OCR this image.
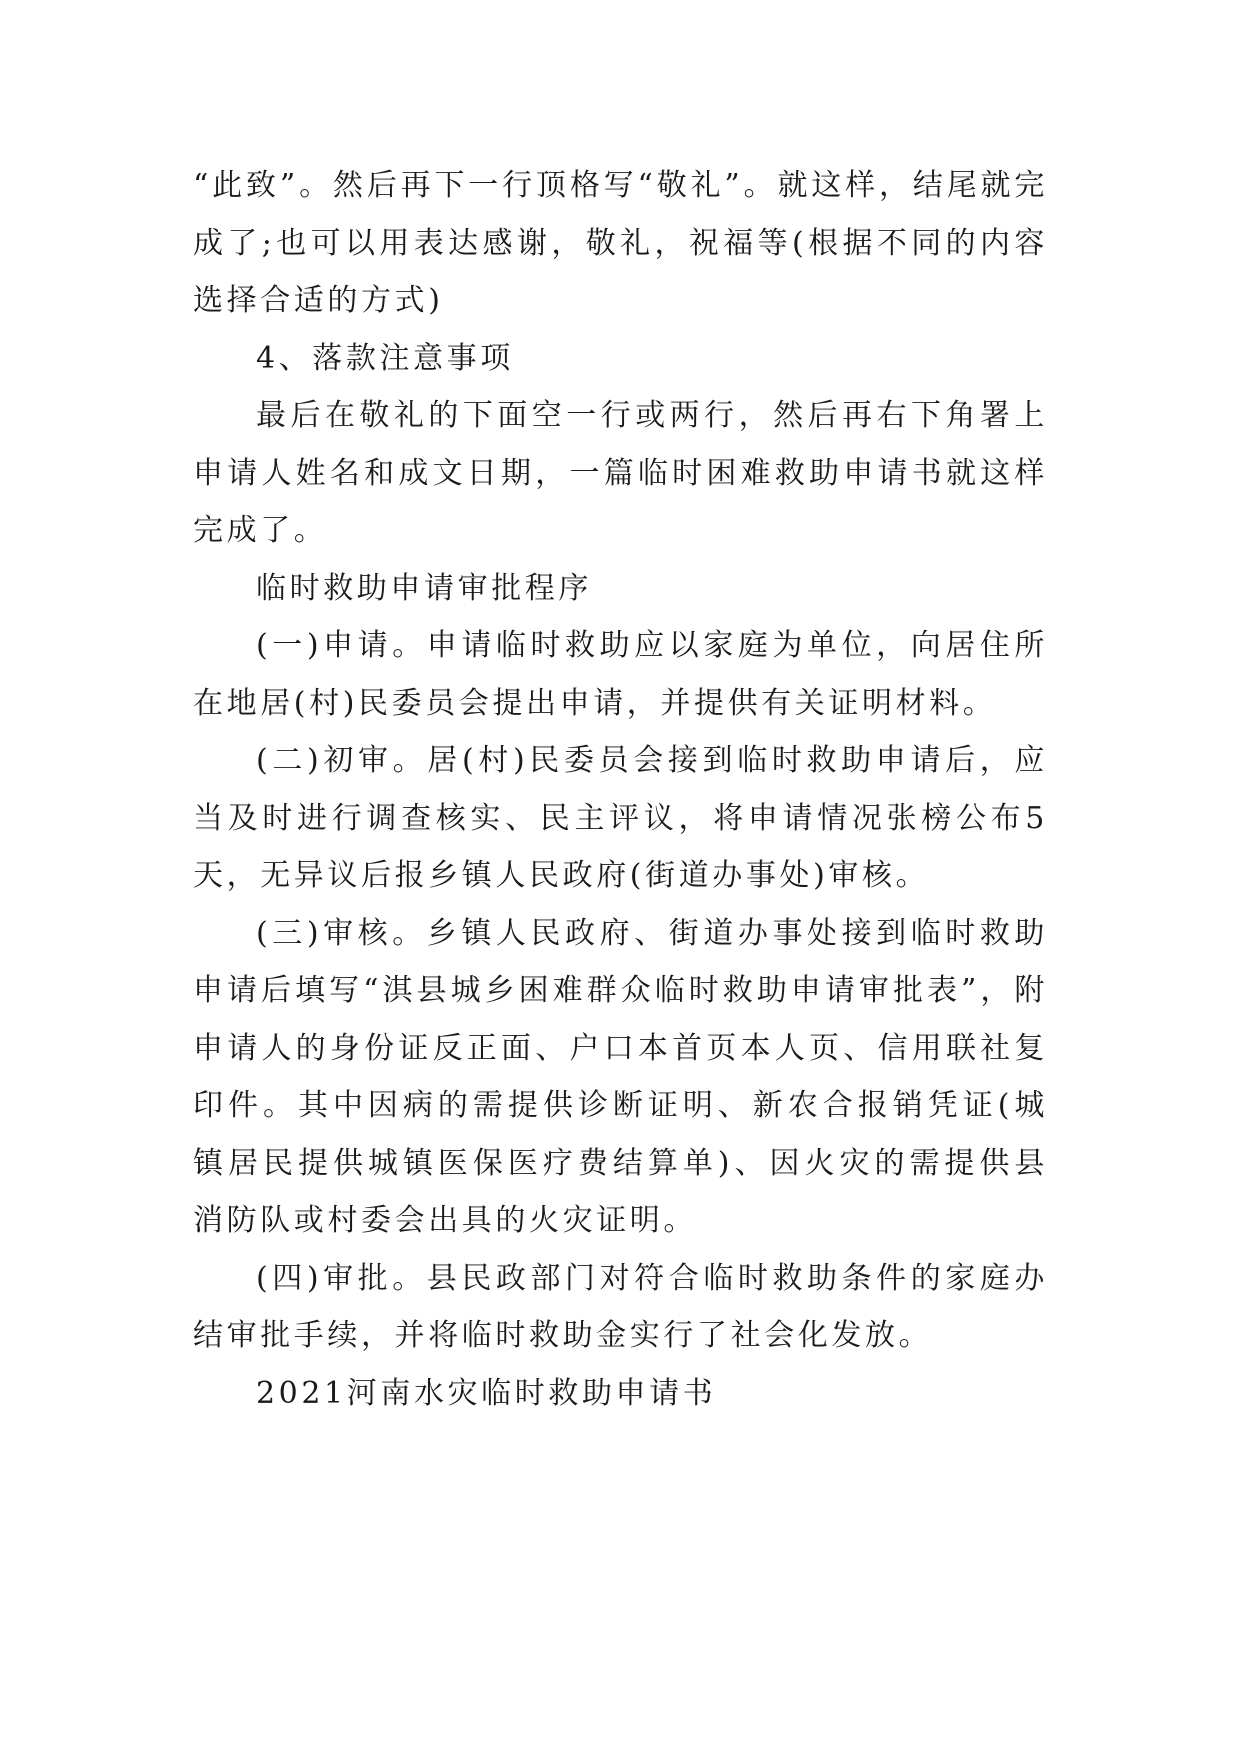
“此致”。然后再下一行顶格写“敬礼”。就这样，结尾就完成了;也可以用表达感谢，敬礼，祝福等(根据不同的内容选择合适的方式)

4、落款注意事项

最后在敬礼的下面空一行或两行，然后再右下角署上申请人姓名和成文日期，一篇临时困难救助申请书就这样完成了。

临时救助申请审批程序

(一)申请。申请临时救助应以家庭为单位，向居住所在地居(村)民委员会提出申请，并提供有关证明材料。

(二)初审。居(村)民委员会接到临时救助申请后，应当及时进行调查核实、民主评议，将申请情况张榜公布5天，无异议后报乡镇人民政府(街道办事处)审核。

(三)审核。乡镇人民政府、街道办事处接到临时救助申请后填写“淇县城乡困难群众临时救助申请审批表”，附申请人的身份证反正面、户口本首页本人页、信用联社复印件。其中因病的需提供诊断证明、新农合报销凭证(城镇居民提供城镇医保医疗费结算单)、因火灾的需提供县消防队或村委会出具的火灾证明。

(四)审批。县民政部门对符合临时救助条件的家庭办结审批手续，并将临时救助金实行了社会化发放。

2021河南水灾临时救助申请书
